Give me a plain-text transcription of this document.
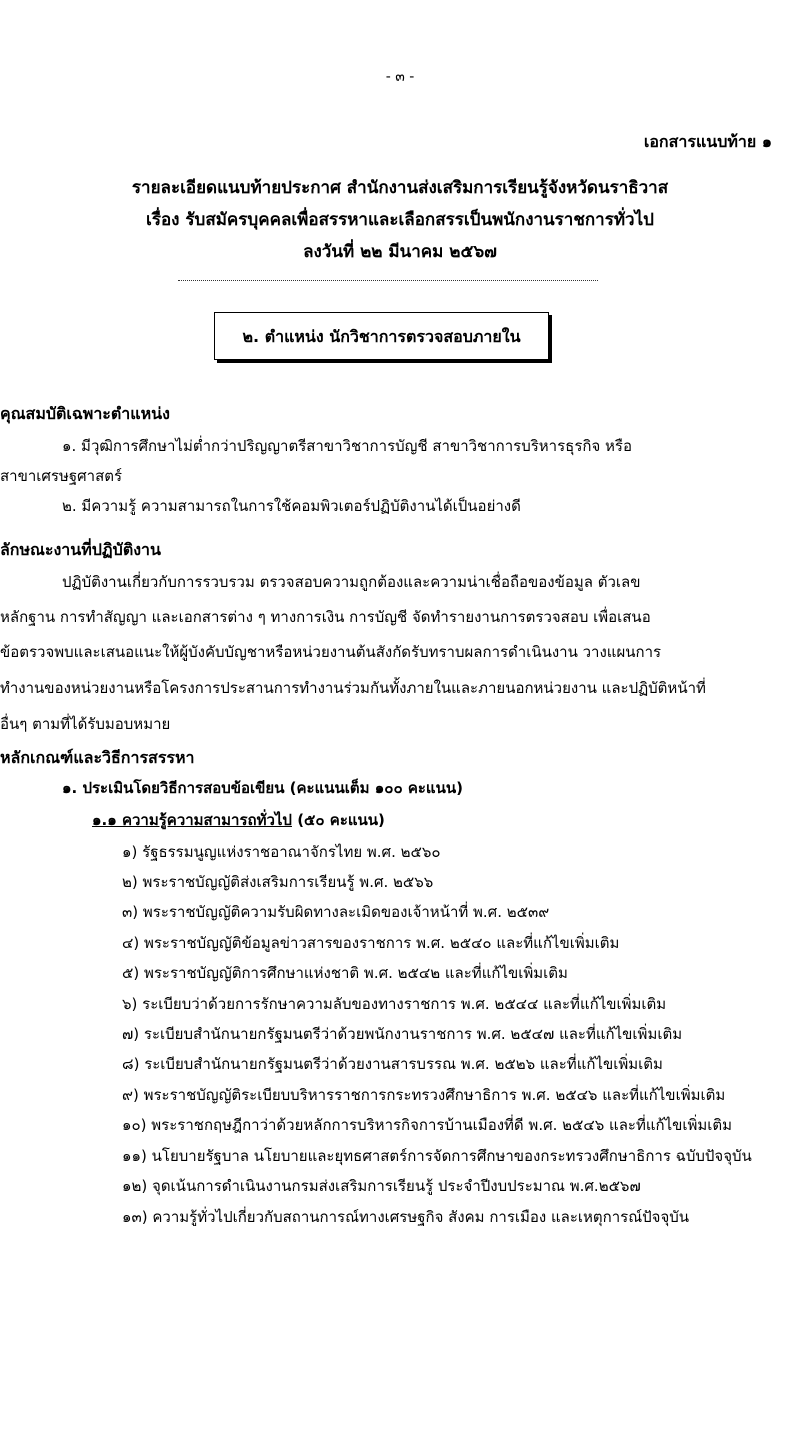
- ๓ -
เอกสารแนบท้าย ๑
รายละเอียดแนบท้ายประกาศ สำนักงานส่งเสริมการเรียนรู้จังหวัดนราธิวาส
เรื่อง รับสมัครบุคคลเพื่อสรรหาและเลือกสรรเป็นพนักงานราชการทั่วไป
ลงวันที่ ๒๒ มีนาคม ๒๕๖๗
๒. ตำแหน่ง นักวิชาการตรวจสอบภายใน
คุณสมบัติเฉพาะตำแหน่ง
๑. มีวุฒิการศึกษาไม่ต่ำกว่าปริญญาตรีสาขาวิชาการบัญชี สาขาวิชาการบริหารธุรกิจ หรือ
สาขาเศรษฐศาสตร์
๒. มีความรู้ ความสามารถในการใช้คอมพิวเตอร์ปฏิบัติงานได้เป็นอย่างดี
ลักษณะงานที่ปฏิบัติงาน
ปฏิบัติงานเกี่ยวกับการรวบรวม ตรวจสอบความถูกต้องและความน่าเชื่อถือของข้อมูล ตัวเลข
หลักฐาน การทำสัญญา และเอกสารต่าง ๆ ทางการเงิน การบัญชี จัดทำรายงานการตรวจสอบ เพื่อเสนอ
ข้อตรวจพบและเสนอแนะให้ผู้บังคับบัญชาหรือหน่วยงานต้นสังกัดรับทราบผลการดำเนินงาน วางแผนการ
ทำงานของหน่วยงานหรือโครงการประสานการทำงานร่วมกันทั้งภายในและภายนอกหน่วยงาน และปฏิบัติหน้าที่
อื่นๆ ตามที่ได้รับมอบหมาย
หลักเกณฑ์และวิธีการสรรหา
๑. ประเมินโดยวิธีการสอบข้อเขียน (คะแนนเต็ม ๑๐๐ คะแนน)
๑.๑ ความรู้ความสามารถทั่วไป (๕๐ คะแนน)
๑) รัฐธรรมนูญแห่งราชอาณาจักรไทย พ.ศ. ๒๕๖๐
๒) พระราชบัญญัติส่งเสริมการเรียนรู้ พ.ศ. ๒๕๖๖
๓) พระราชบัญญัติความรับผิดทางละเมิดของเจ้าหน้าที่ พ.ศ. ๒๕๓๙
๔) พระราชบัญญัติข้อมูลข่าวสารของราชการ พ.ศ. ๒๕๔๐ และที่แก้ไขเพิ่มเติม
๕) พระราชบัญญัติการศึกษาแห่งชาติ พ.ศ. ๒๕๔๒ และที่แก้ไขเพิ่มเติม
๖) ระเบียบว่าด้วยการรักษาความลับของทางราชการ พ.ศ. ๒๕๔๔ และที่แก้ไขเพิ่มเติม
๗) ระเบียบสำนักนายกรัฐมนตรีว่าด้วยพนักงานราชการ พ.ศ. ๒๕๔๗ และที่แก้ไขเพิ่มเติม
๘) ระเบียบสำนักนายกรัฐมนตรีว่าด้วยงานสารบรรณ พ.ศ. ๒๕๒๖ และที่แก้ไขเพิ่มเติม
๙) พระราชบัญญัติระเบียบบริหารราชการกระทรวงศึกษาธิการ พ.ศ. ๒๕๔๖ และที่แก้ไขเพิ่มเติม
๑๐) พระราชกฤษฎีกาว่าด้วยหลักการบริหารกิจการบ้านเมืองที่ดี พ.ศ. ๒๕๔๖ และที่แก้ไขเพิ่มเติม
๑๑) นโยบายรัฐบาล นโยบายและยุทธศาสตร์การจัดการศึกษาของกระทรวงศึกษาธิการ ฉบับปัจจุบัน
๑๒) จุดเน้นการดำเนินงานกรมส่งเสริมการเรียนรู้ ประจำปีงบประมาณ พ.ศ.๒๕๖๗
๑๓) ความรู้ทั่วไปเกี่ยวกับสถานการณ์ทางเศรษฐกิจ สังคม การเมือง และเหตุการณ์ปัจจุบัน
